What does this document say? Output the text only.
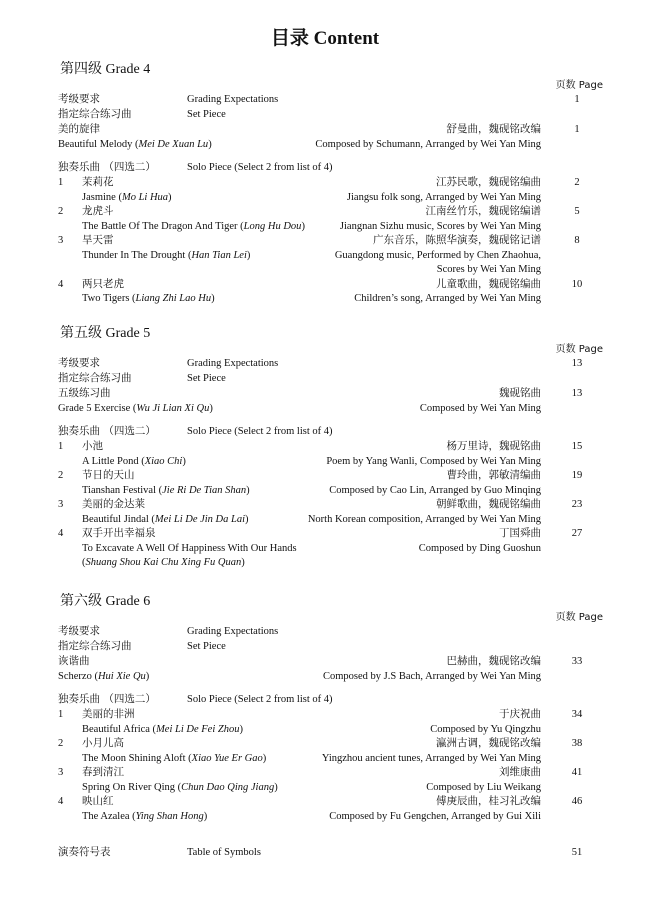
目录 Content
第四级 Grade 4
页数 Page
考级要求	Grading Expectations	1
指定综合练习曲	Set Piece
美的旋律	舒曼曲，魏砚铭改编	1
Beautiful Melody (Mei De Xuan Lu)	Composed by Schumann, Arranged by Wei Yan Ming
独奏乐曲 （四选二）	Solo Piece (Select 2 from list of 4)
1 茉莉花	江苏民歌，魏砚铭编曲	2
Jasmine (Mo Li Hua)	Jiangsu folk song, Arranged by Wei Yan Ming
2 龙虎斗	江南丝竹乐，魏砚铭编谱	5
The Battle Of The Dragon And Tiger (Long Hu Dou)	Jiangnan Sizhu music, Scores by Wei Yan Ming
3 旱天雷	广东音乐，陈照华演奏，魏砚铭记谱	8
Thunder In The Drought (Han Tian Lei)	Guangdong music, Performed by Chen Zhaohua,
Scores by Wei Yan Ming
4 两只老虎	儿童歌曲，魏砚铭编曲	10
Two Tigers (Liang Zhi Lao Hu)	Children’s song, Arranged by Wei Yan Ming
第五级 Grade 5
页数 Page
考级要求	Grading Expectations	13
指定综合练习曲	Set Piece
五级练习曲	魏砚铭曲	13
Grade 5 Exercise (Wu Ji Lian Xi Qu)	Composed by Wei Yan Ming
独奏乐曲 （四选二）	Solo Piece (Select 2 from list of 4)
1 小池	杨万里诗，魏砚铭曲	15
A Little Pond (Xiao Chi)	Poem by Yang Wanli, Composed by Wei Yan Ming
2 节日的天山	曹玲曲，郭敏清编曲	19
Tianshan Festival (Jie Ri De Tian Shan)	Composed by Cao Lin, Arranged by Guo Minqing
3 美丽的金达莱	朝鲜歌曲，魏砚铭编曲	23
Beautiful Jindal (Mei Li De Jin Da Lai)	North Korean composition, Arranged by Wei Yan Ming
4 双手开出幸福泉	丁国舜曲	27
To Excavate A Well Of Happiness With Our Hands	Composed by Ding Guoshun
(Shuang Shou Kai Chu Xing Fu Quan)
第六级 Grade 6
页数 Page
考级要求	Grading Expectations
指定综合练习曲	Set Piece
诙谐曲	巴赫曲，魏砚铭改编	33
Scherzo (Hui Xie Qu)	Composed by J.S Bach, Arranged by Wei Yan Ming
独奏乐曲 （四选二）	Solo Piece (Select 2 from list of 4)
1 美丽的非洲	于庆祝曲	34
Beautiful Africa (Mei Li De Fei Zhou)	Composed by Yu Qingzhu
2 小月儿高	瀛洲古调，魏砚铭改编	38
The Moon Shining Aloft (Xiao Yue Er Gao)	Yingzhou ancient tunes, Arranged by Wei Yan Ming
3 春到清江	刘维康曲	41
Spring On River Qing (Chun Dao Qing Jiang)	Composed by Liu Weikang
4 映山红	傅庚辰曲，桂习礼改编	46
The Azalea (Ying Shan Hong)	Composed by Fu Gengchen, Arranged by Gui Xili
演奏符号表	Table of Symbols	51
